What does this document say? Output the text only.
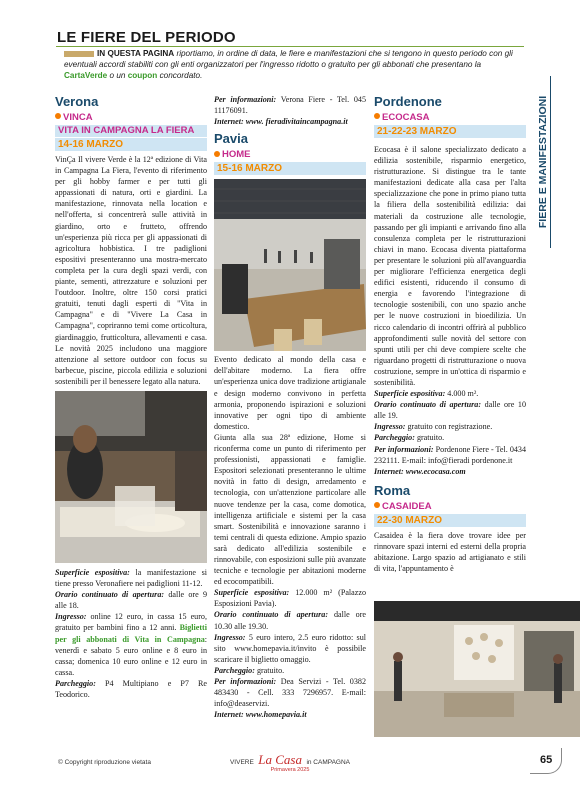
LE FIERE DEL PERIODO
IN QUESTA PAGINA riportiamo, in ordine di data, le fiere e manifestazioni che si tengono in questo periodo con gli eventuali accordi stabiliti con gli enti organizzatori per l'ingresso ridotto o gratuito per gli abbonati che presentano la CartaVerde o un coupon concordato.
FIERE E MANIFESTAZIONI
Verona
VINCA
VITA IN CAMPAGNA LA FIERA
14-16 MARZO

VinÇa Il vivere Verde è la 12ª edizione di Vita in Campagna La Fiera, l'evento di riferimento per gli hobby farmer e per tutti gli appassionati di natura, orti e giardini. La manifestazione, rinnovata nella location e nell'offerta, si concentrerà sulle attività in giardino, orto e frutteto, offrendo un'esperienza più ricca per gli appassionati di agricoltura hobbistica. I tre padiglioni espositivi presenteranno una mostra-mercato completa per la cura degli spazi verdi, con piante, sementi, attrezzature e soluzioni per l'outdoor. Inoltre, oltre 150 corsi pratici gratuiti, tenuti dagli esperti di "Vita in Campagna" e di "Vivere La Casa in Campagna", copriranno temi come orticoltura, giardinaggio, frutticoltura, allevamenti e casa. Le novità 2025 includono una maggiore attenzione al settore outdoor con focus su barbecue, piscine, piccola edilizia e soluzioni sostenibili per il benessere legato alla natura.

Superficie espositiva: la manifestazione si tiene presso Veronafiere nei padiglioni 11-12.

Orario continuato di apertura: dalle ore 9 alle 18.

Ingresso: online 12 euro, in cassa 15 euro, gratuito per bambini fino a 12 anni. Biglietti per gli abbonati di Vita in Campagna: venerdì e sabato 5 euro online e 8 euro in cassa; domenica 10 euro online e 12 euro in cassa.

Parcheggio: P4 Multipiano e P7 Re Teodorico.

Per informazioni: Verona Fiere - Tel. 045 11176091.

Internet: www. fieradivitaincampagna.it

Pavia
HOME
15-16 MARZO

Evento dedicato al mondo della casa e dell'abitare moderno. La fiera offre un'esperienza unica dove tradizione artigianale e design moderno convivono in perfetta armonia, proponendo ispirazioni e soluzioni innovative per ogni tipo di ambiente domestico.

Giunta alla sua 28ª edizione, Home si riconferma come un punto di riferimento per professionisti, appassionati e famiglie. Espositori selezionati presenteranno le ultime novità in fatto di design, arredamento e tecnologia, con un'attenzione particolare alle nuove tendenze per la casa, come domotica, intelligenza artificiale e sistemi per la casa smart. Sostenibilità e innovazione saranno i temi centrali di questa edizione. Ampio spazio sarà dedicato all'edilizia sostenibile e rinnovabile, con esposizioni sulle più avanzate tecniche e tecnologie per abitazioni moderne ed ecocompatibili.

Superficie espositiva: 12.000 m² (Palazzo Esposizioni Pavia).

Orario continuato di apertura: dalle ore 10.30 alle 19.30.

Ingresso: 5 euro intero, 2.5 euro ridotto: sul sito www.homepavia.it/invito è possibile scaricare il biglietto omaggio.

Parcheggio: gratuito.

Per informazioni: Dea Servizi - Tel. 0382 483430 - Cell. 333 7296957. E-mail: info@deaservizi.

Internet: www.homepavia.it

Pordenone
ECOCASA
21-22-23 MARZO

Ecocasa è il salone specializzato dedicato a edilizia sostenibile, risparmio energetico, ristrutturazione. Si distingue tra le tante manifestazioni dedicate alla casa per l'alta specializzazione che pone in primo piano tutta la filiera della sostenibilità edilizia: dai materiali da costruzione alle tecnologie, passando per gli impianti e arrivando fino alla consulenza completa per le ristrutturazioni chiavi in mano. Ecocasa diventa piattaforma per presentare le soluzioni più all'avanguardia per migliorare l'efficienza energetica degli edifici esistenti, riducendo il consumo di energia e favorendo l'integrazione di tecnologie sostenibili, con uno spazio anche per le nuove costruzioni in bioedilizia. Un ricco calendario di incontri offrirà al pubblico approfondimenti sulle novità del settore con spunti utili per chi deve compiere scelte che riguardano progetti di ristrutturazione o nuova costruzione, sempre in un'ottica di risparmio e sostenibilità.

Superficie espositiva: 4.000 m².

Orario continuato di apertura: dalle ore 10 alle 19.

Ingresso: gratuito con registrazione.

Parcheggio: gratuito.

Per informazioni: Pordenone Fiere - Tel. 0434 232111. E-mail: info@fieradi pordenone.it

Internet: www.ecocasa.com

Roma
CASAIDEA
22-30 MARZO

Casaidea è la fiera dove trovare idee per rinnovare spazi interni ed esterni della propria abitazione. Largo spazio ad artigianato e stili di vita, l'appuntamento è

© Copyright riproduzione vietata	VIVERE La Casa in CAMPAGNA
Primavera 2025
65
